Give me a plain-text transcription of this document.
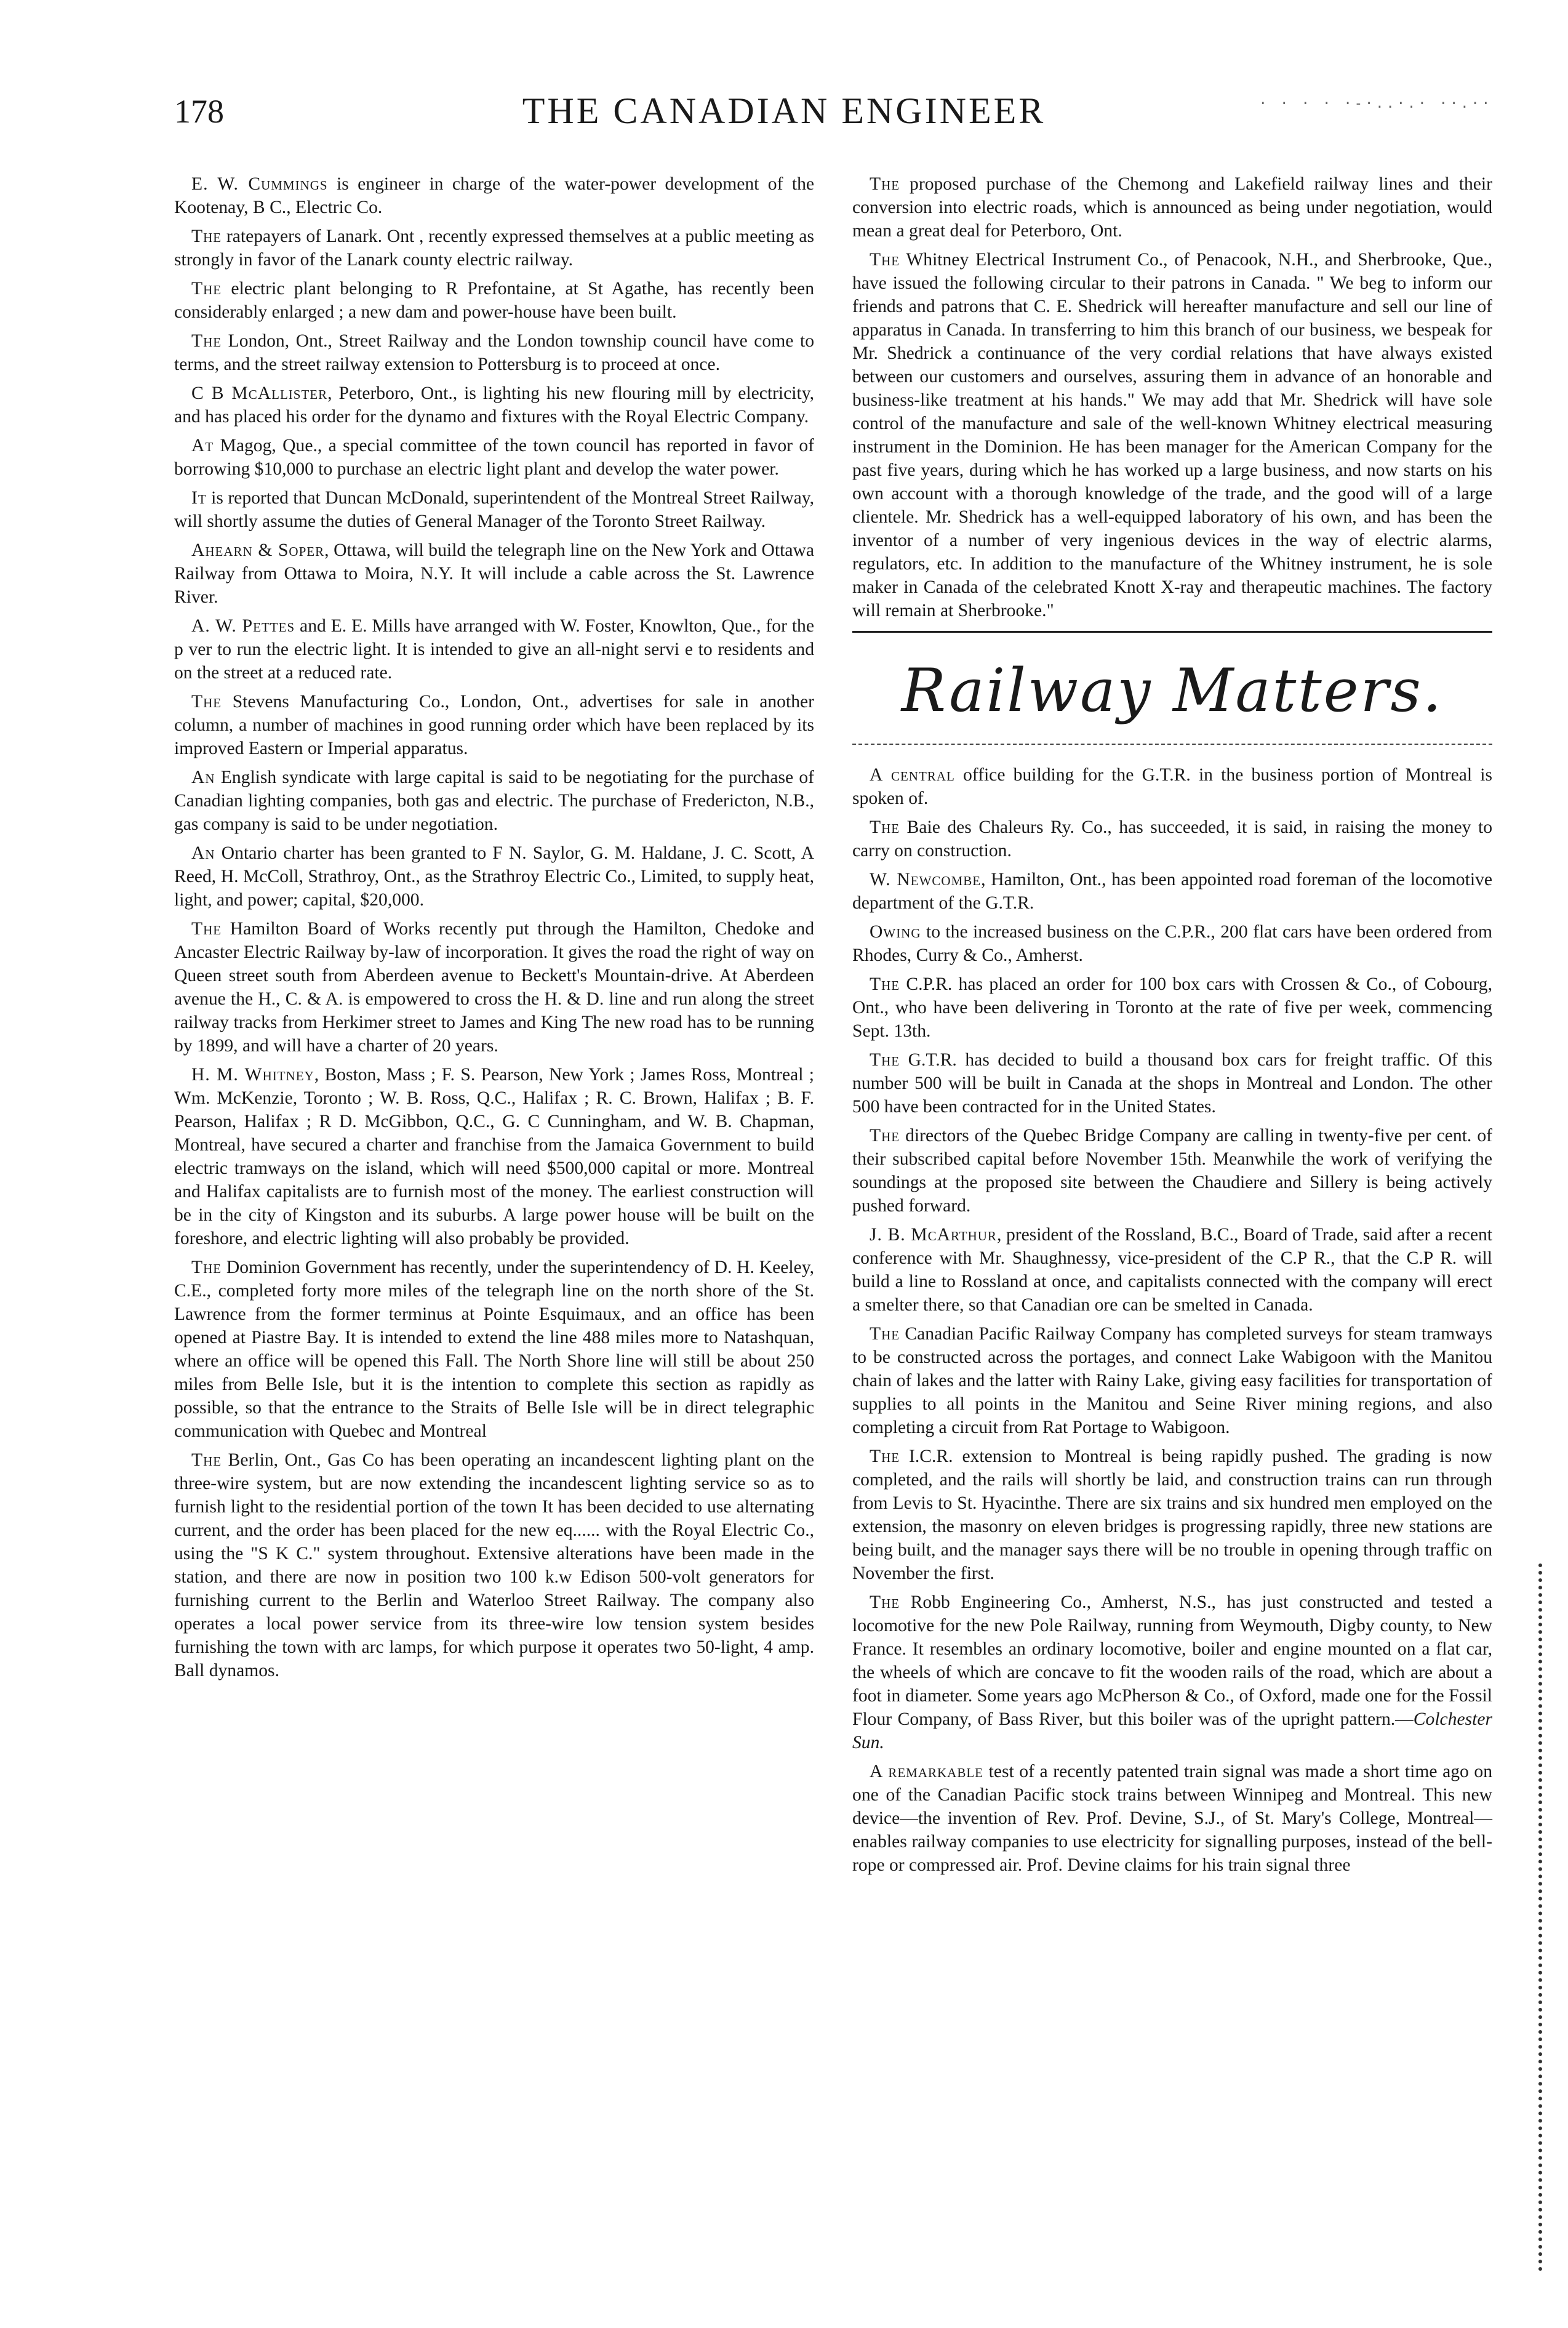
178	THE CANADIAN ENGINEER	· · · · ·-·..·.· ··.··

E. W. Cummings is engineer in charge of the water-power development of the Kootenay, B C., Electric Co.

The ratepayers of Lanark. Ont , recently expressed themselves at a public meeting as strongly in favor of the Lanark county electric railway.

The electric plant belonging to R Prefontaine, at St Agathe, has recently been considerably enlarged ; a new dam and power-house have been built.

The London, Ont., Street Railway and the London township council have come to terms, and the street railway extension to Pottersburg is to proceed at once.

C B McAllister, Peterboro, Ont., is lighting his new flouring mill by electricity, and has placed his order for the dynamo and fixtures with the Royal Electric Company.

At Magog, Que., a special committee of the town council has reported in favor of borrowing $10,000 to purchase an electric light plant and develop the water power.

It is reported that Duncan McDonald, superintendent of the Montreal Street Railway, will shortly assume the duties of General Manager of the Toronto Street Railway.

Ahearn & Soper, Ottawa, will build the telegraph line on the New York and Ottawa Railway from Ottawa to Moira, N.Y. It will include a cable across the St. Lawrence River.

A. W. Pettes and E. E. Mills have arranged with W. Foster, Knowlton, Que., for the p ver to run the electric light. It is intended to give an all-night servi e to residents and on the street at a reduced rate.

The Stevens Manufacturing Co., London, Ont., advertises for sale in another column, a number of machines in good running order which have been replaced by its improved Eastern or Imperial apparatus.

An English syndicate with large capital is said to be negotiating for the purchase of Canadian lighting companies, both gas and electric. The purchase of Fredericton, N.B., gas company is said to be under negotiation.

An Ontario charter has been granted to F N. Saylor, G. M. Haldane, J. C. Scott, A Reed, H. McColl, Strathroy, Ont., as the Strathroy Electric Co., Limited, to supply heat, light, and power; capital, $20,000.

The Hamilton Board of Works recently put through the Hamilton, Chedoke and Ancaster Electric Railway by-law of incorporation. It gives the road the right of way on Queen street south from Aberdeen avenue to Beckett's Mountain-drive. At Aberdeen avenue the H., C. & A. is empowered to cross the H. & D. line and run along the street railway tracks from Herkimer street to James and King The new road has to be running by 1899, and will have a charter of 20 years.

H. M. Whitney, Boston, Mass ; F. S. Pearson, New York ; James Ross, Montreal ; Wm. McKenzie, Toronto ; W. B. Ross, Q.C., Halifax ; R. C. Brown, Halifax ; B. F. Pearson, Halifax ; R D. McGibbon, Q.C., G. C Cunningham, and W. B. Chapman, Montreal, have secured a charter and franchise from the Jamaica Government to build electric tramways on the island, which will need $500,000 capital or more. Montreal and Halifax capitalists are to furnish most of the money. The earliest construction will be in the city of Kingston and its suburbs. A large power house will be built on the foreshore, and electric lighting will also probably be provided.

The Dominion Government has recently, under the superintendency of D. H. Keeley, C.E., completed forty more miles of the telegraph line on the north shore of the St. Lawrence from the former terminus at Pointe Esquimaux, and an office has been opened at Piastre Bay. It is intended to extend the line 488 miles more to Natashquan, where an office will be opened this Fall. The North Shore line will still be about 250 miles from Belle Isle, but it is the intention to complete this section as rapidly as possible, so that the entrance to the Straits of Belle Isle will be in direct telegraphic communication with Quebec and Montreal

The Berlin, Ont., Gas Co has been operating an incandescent lighting plant on the three-wire system, but are now extending the incandescent lighting service so as to furnish light to the residential portion of the town It has been decided to use alternating current, and the order has been placed for the new eq...... with the Royal Electric Co., using the "S K C." system throughout. Extensive alterations have been made in the station, and there are now in position two 100 k.w Edison 500-volt generators for furnishing current to the Berlin and Waterloo Street Railway. The company also operates a local power service from its three-wire low tension system besides furnishing the town with arc lamps, for which purpose it operates two 50-light, 4 amp. Ball dynamos.

The proposed purchase of the Chemong and Lakefield railway lines and their conversion into electric roads, which is announced as being under negotiation, would mean a great deal for Peterboro, Ont.

The Whitney Electrical Instrument Co., of Penacook, N.H., and Sherbrooke, Que., have issued the following circular to their patrons in Canada. " We beg to inform our friends and patrons that C. E. Shedrick will hereafter manufacture and sell our line of apparatus in Canada. In transferring to him this branch of our business, we bespeak for Mr. Shedrick a continuance of the very cordial relations that have always existed between our customers and ourselves, assuring them in advance of an honorable and business-like treatment at his hands." We may add that Mr. Shedrick will have sole control of the manufacture and sale of the well-known Whitney electrical measuring instrument in the Dominion. He has been manager for the American Company for the past five years, during which he has worked up a large business, and now starts on his own account with a thorough knowledge of the trade, and the good will of a large clientele. Mr. Shedrick has a well-equipped laboratory of his own, and has been the inventor of a number of very ingenious devices in the way of electric alarms, regulators, etc. In addition to the manufacture of the Whitney instrument, he is sole maker in Canada of the celebrated Knott X-ray and therapeutic machines. The factory will remain at Sherbrooke."

Railway Matters.

A central office building for the G.T.R. in the business portion of Montreal is spoken of.

The Baie des Chaleurs Ry. Co., has succeeded, it is said, in raising the money to carry on construction.

W. Newcombe, Hamilton, Ont., has been appointed road foreman of the locomotive department of the G.T.R.

Owing to the increased business on the C.P.R., 200 flat cars have been ordered from Rhodes, Curry & Co., Amherst.

The C.P.R. has placed an order for 100 box cars with Crossen & Co., of Cobourg, Ont., who have been delivering in Toronto at the rate of five per week, commencing Sept. 13th.

The G.T.R. has decided to build a thousand box cars for freight traffic. Of this number 500 will be built in Canada at the shops in Montreal and London. The other 500 have been contracted for in the United States.

The directors of the Quebec Bridge Company are calling in twenty-five per cent. of their subscribed capital before November 15th. Meanwhile the work of verifying the soundings at the proposed site between the Chaudiere and Sillery is being actively pushed forward.

J. B. McArthur, president of the Rossland, B.C., Board of Trade, said after a recent conference with Mr. Shaughnessy, vice-president of the C.P R., that the C.P R. will build a line to Rossland at once, and capitalists connected with the company will erect a smelter there, so that Canadian ore can be smelted in Canada.

The Canadian Pacific Railway Company has completed surveys for steam tramways to be constructed across the portages, and connect Lake Wabigoon with the Manitou chain of lakes and the latter with Rainy Lake, giving easy facilities for transportation of supplies to all points in the Manitou and Seine River mining regions, and also completing a circuit from Rat Portage to Wabigoon.

The I.C.R. extension to Montreal is being rapidly pushed. The grading is now completed, and the rails will shortly be laid, and construction trains can run through from Levis to St. Hyacinthe. There are six trains and six hundred men employed on the extension, the masonry on eleven bridges is progressing rapidly, three new stations are being built, and the manager says there will be no trouble in opening through traffic on November the first.

The Robb Engineering Co., Amherst, N.S., has just constructed and tested a locomotive for the new Pole Railway, running from Weymouth, Digby county, to New France. It resembles an ordinary locomotive, boiler and engine mounted on a flat car, the wheels of which are concave to fit the wooden rails of the road, which are about a foot in diameter. Some years ago McPherson & Co., of Oxford, made one for the Fossil Flour Company, of Bass River, but this boiler was of the upright pattern.—Colchester Sun.

A remarkable test of a recently patented train signal was made a short time ago on one of the Canadian Pacific stock trains between Winnipeg and Montreal. This new device—the invention of Rev. Prof. Devine, S.J., of St. Mary's College, Montreal—enables railway companies to use electricity for signalling purposes, instead of the bell-rope or compressed air. Prof. Devine claims for his train signal three
